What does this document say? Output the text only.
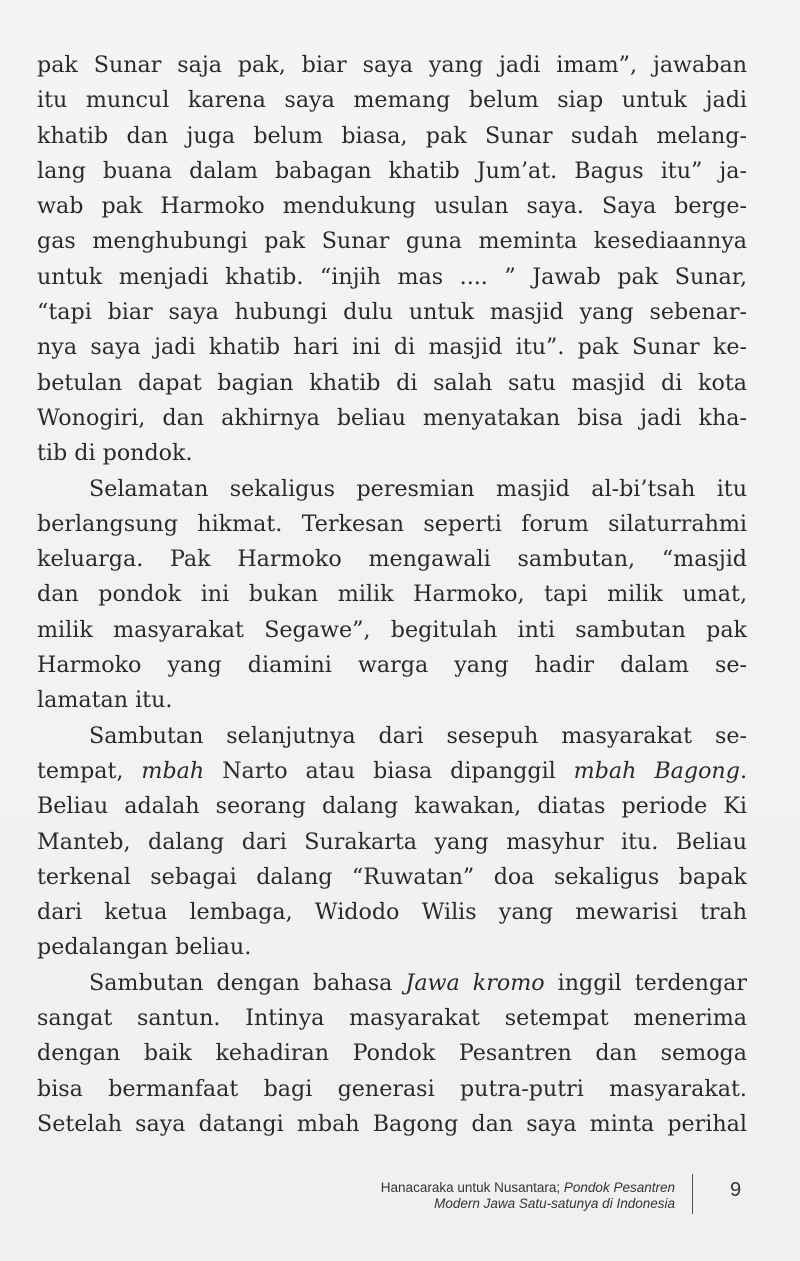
pak Sunar saja pak, biar saya yang jadi imam”, jawaban
itu muncul karena saya memang belum siap untuk jadi
khatib dan juga belum biasa, pak Sunar sudah melang-
lang buana dalam babagan khatib Jum’at. Bagus itu” ja-
wab pak Harmoko mendukung usulan saya. Saya berge-
gas menghubungi pak Sunar guna meminta kesediaannya
untuk menjadi khatib. “injih mas .... ” Jawab pak Sunar,
“tapi biar saya hubungi dulu untuk masjid yang sebenar-
nya saya jadi khatib hari ini di masjid itu”. pak Sunar ke-
betulan dapat bagian khatib di salah satu masjid di kota
Wonogiri, dan akhirnya beliau menyatakan bisa jadi kha-
tib di pondok.
Selamatan sekaligus peresmian masjid al-bi’tsah itu
berlangsung hikmat. Terkesan seperti forum silaturrahmi
keluarga. Pak Harmoko mengawali sambutan, “masjid
dan pondok ini bukan milik Harmoko, tapi milik umat,
milik masyarakat Segawe”, begitulah inti sambutan pak
Harmoko yang diamini warga yang hadir dalam se-
lamatan itu.
Sambutan selanjutnya dari sesepuh masyarakat se-
tempat, mbah Narto atau biasa dipanggil mbah Bagong.
Beliau adalah seorang dalang kawakan, diatas periode Ki
Manteb, dalang dari Surakarta yang masyhur itu. Beliau
terkenal sebagai dalang “Ruwatan” doa sekaligus bapak
dari ketua lembaga, Widodo Wilis yang mewarisi trah
pedalangan beliau.
Sambutan dengan bahasa Jawa kromo inggil terdengar
sangat santun. Intinya masyarakat setempat menerima
dengan baik kehadiran Pondok Pesantren dan semoga
bisa bermanfaat bagi generasi putra-putri masyarakat.
Setelah saya datangi mbah Bagong dan saya minta perihal
Hanacaraka untuk Nusantara; Pondok Pesantren
Modern Jawa Satu-satunya di Indonesia
9
